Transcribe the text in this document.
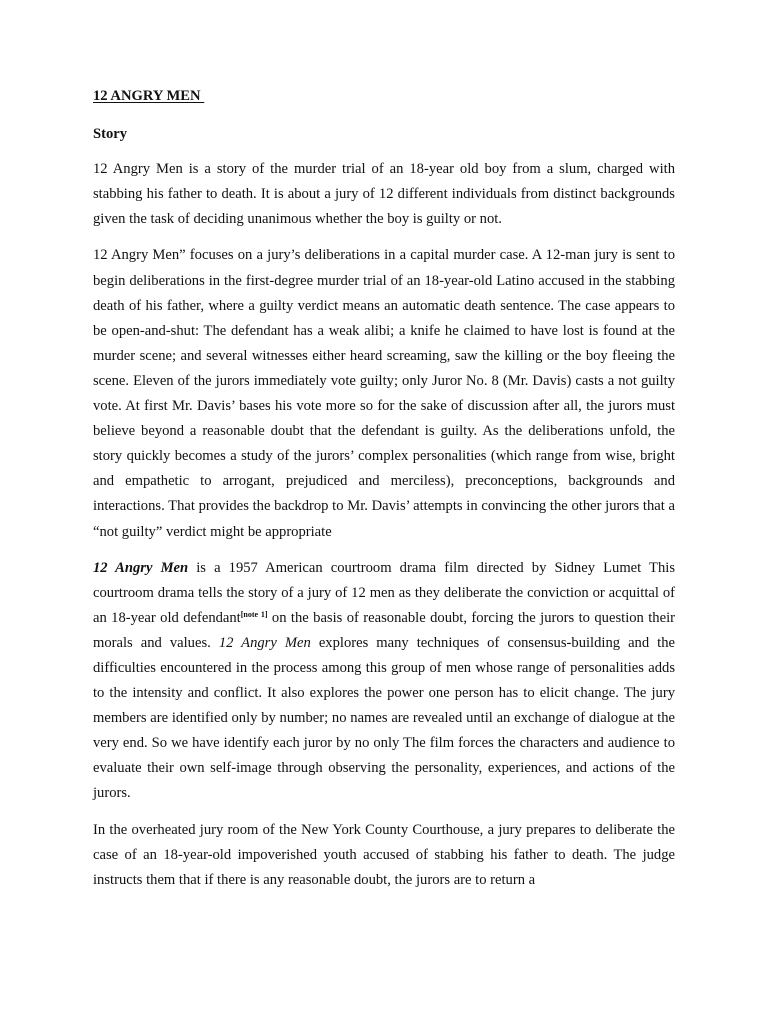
12 ANGRY MEN
Story

12 Angry Men is a story of the murder trial of an 18-year old boy from a slum, charged with stabbing his father to death. It is about a jury of 12 different individuals from distinct backgrounds given the task of deciding unanimous whether the boy is guilty or not.

12 Angry Men” focuses on a jury’s deliberations in a capital murder case. A 12-man jury is sent to begin deliberations in the first-degree murder trial of an 18-year-old Latino accused in the stabbing death of his father, where a guilty verdict means an automatic death sentence. The case appears to be open-and-shut: The defendant has a weak alibi; a knife he claimed to have lost is found at the murder scene; and several witnesses either heard screaming, saw the killing or the boy fleeing the scene. Eleven of the jurors immediately vote guilty; only Juror No. 8 (Mr. Davis) casts a not guilty vote. At first Mr. Davis’ bases his vote more so for the sake of discussion after all, the jurors must believe beyond a reasonable doubt that the defendant is guilty. As the deliberations unfold, the story quickly becomes a study of the jurors’ complex personalities (which range from wise, bright and empathetic to arrogant, prejudiced and merciless), preconceptions, backgrounds and interactions. That provides the backdrop to Mr. Davis’ attempts in convincing the other jurors that a “not guilty” verdict might be appropriate

12 Angry Men is a 1957 American courtroom drama film directed by Sidney Lumet This courtroom drama tells the story of a jury of 12 men as they deliberate the conviction or acquittal of an 18-year old defendant[note 1] on the basis of reasonable doubt, forcing the jurors to question their morals and values. 12 Angry Men explores many techniques of consensus-building and the difficulties encountered in the process among this group of men whose range of personalities adds to the intensity and conflict. It also explores the power one person has to elicit change. The jury members are identified only by number; no names are revealed until an exchange of dialogue at the very end. So we have identify each juror by no only The film forces the characters and audience to evaluate their own self-image through observing the personality, experiences, and actions of the jurors.

In the overheated jury room of the New York County Courthouse, a jury prepares to deliberate the case of an 18-year-old impoverished youth accused of stabbing his father to death. The judge instructs them that if there is any reasonable doubt, the jurors are to return a
